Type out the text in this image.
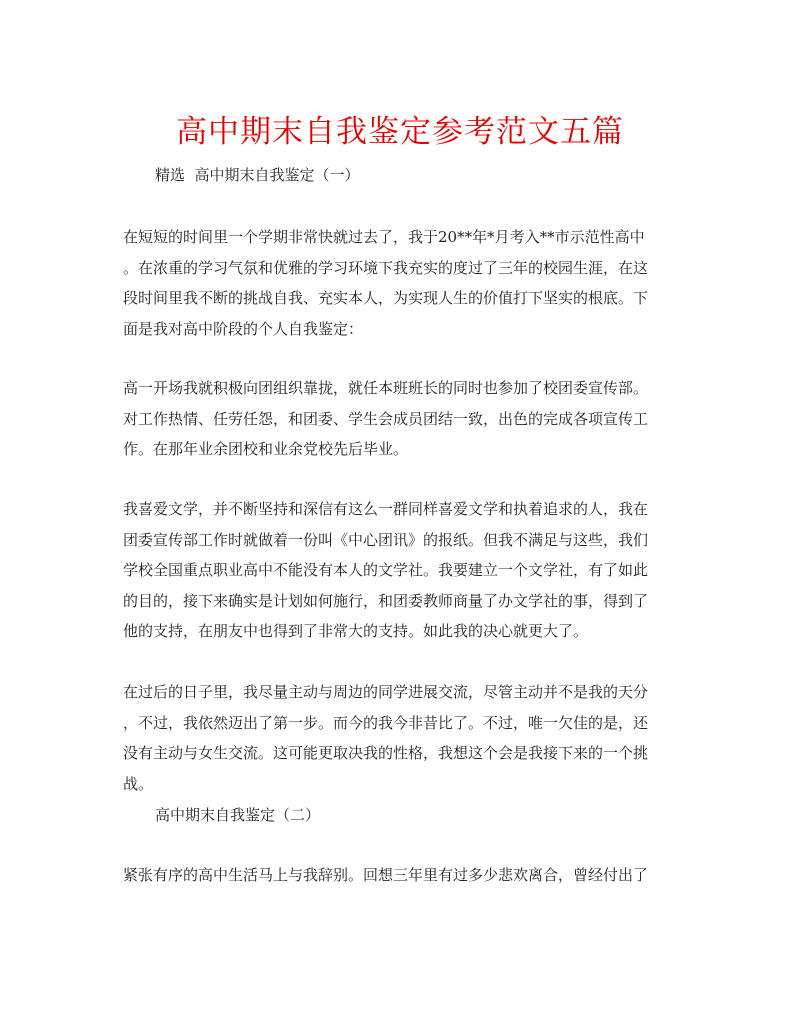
高中期末自我鉴定参考范文五篇
精选  高中期末自我鉴定（一）
在短短的时间里一个学期非常快就过去了，我于20**年*月考入**市示范性高中
。在浓重的学习气氛和优雅的学习环境下我充实的度过了三年的校园生涯，在这
段时间里我不断的挑战自我、充实本人，为实现人生的价值打下坚实的根底。下
面是我对高中阶段的个人自我鉴定：
高一开场我就积极向团组织靠拢，就任本班班长的同时也参加了校团委宣传部。
对工作热情、任劳任怨，和团委、学生会成员团结一致，出色的完成各项宣传工
作。在那年业余团校和业余党校先后毕业。
我喜爱文学，并不断坚持和深信有这么一群同样喜爱文学和执着追求的人，我在
团委宣传部工作时就做着一份叫《中心团讯》的报纸。但我不满足与这些，我们
学校全国重点职业高中不能没有本人的文学社。我要建立一个文学社，有了如此
的目的，接下来确实是计划如何施行，和团委教师商量了办文学社的事，得到了
他的支持，在朋友中也得到了非常大的支持。如此我的决心就更大了。
在过后的日子里，我尽量主动与周边的同学进展交流，尽管主动并不是我的天分
，不过，我依然迈出了第一步。而今的我今非昔比了。不过，唯一欠佳的是，还
没有主动与女生交流。这可能更取决我的性格，我想这个会是我接下来的一个挑
战。
高中期末自我鉴定（二）
紧张有序的高中生活马上与我辞别。回想三年里有过多少悲欢离合，曾经付出了
